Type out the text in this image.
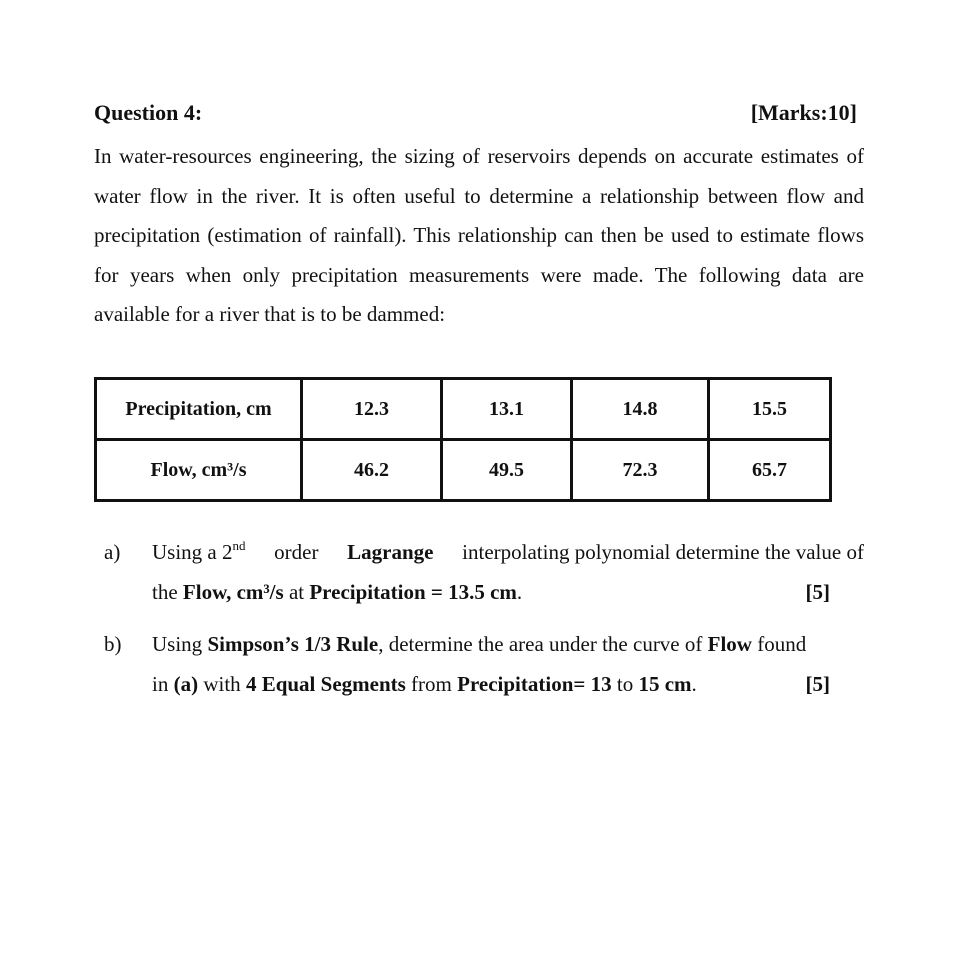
Question 4:	[Marks:10]

In water-resources engineering, the sizing of reservoirs depends on accurate estimates of water flow in the river. It is often useful to determine a relationship between flow and precipitation (estimation of rainfall). This relationship can then be used to estimate flows for years when only precipitation measurements were made. The following data are available for a river that is to be dammed:

Precipitation, cm	12.3	13.1	14.8	15.5
Flow, cm³/s	46.2	49.5	72.3	65.7
a) Using a 2nd order Lagrange interpolating polynomial determine the value of
the Flow, cm³/s at Precipitation = 13.5 cm.	[5]
b) Using Simpson’s 1/3 Rule, determine the area under the curve of Flow found
in (a) with 4 Equal Segments from Precipitation= 13 to 15 cm.	[5]
